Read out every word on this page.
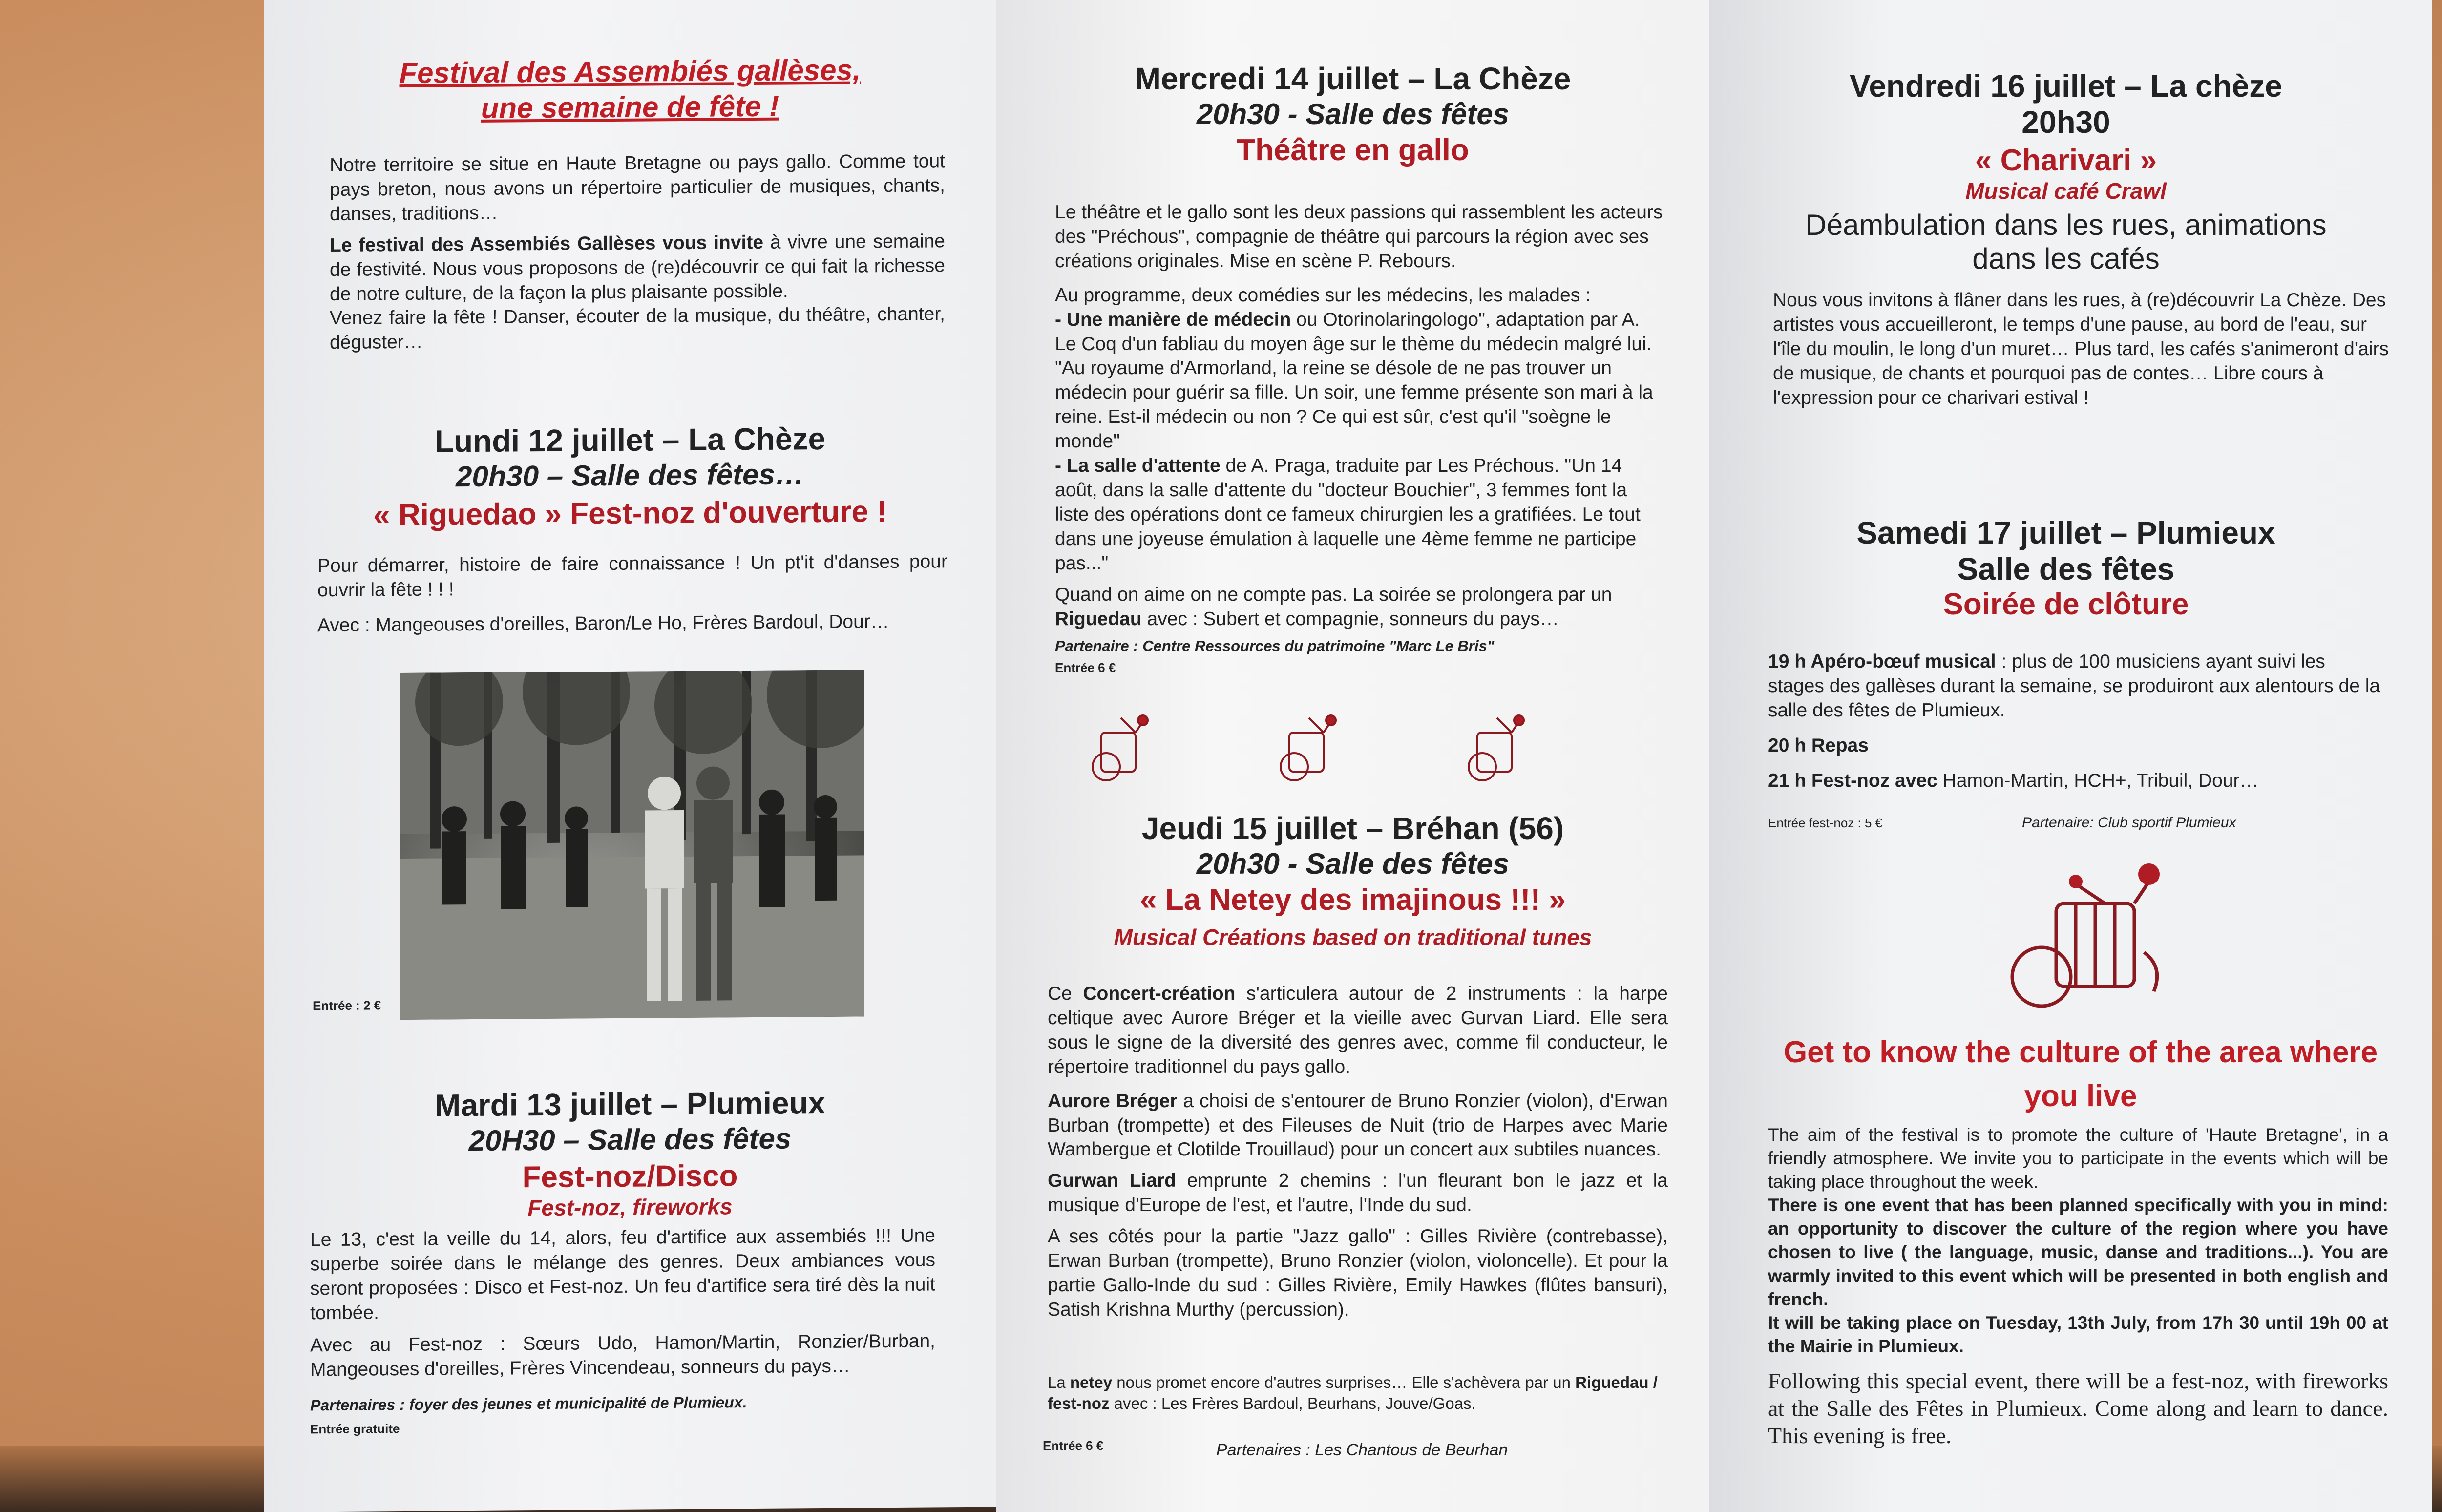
Festival des Assembiés gallèses,
une semaine de fête !

Notre territoire se situe en Haute Bretagne ou pays gallo. Comme tout pays breton, nous avons un répertoire particulier de musiques, chants, danses, traditions…

Le festival des Assembiés Gallèses vous invite à vivre une semaine de festivité. Nous vous proposons de (re)découvrir ce qui fait la richesse de notre culture, de la façon la plus plaisante possible.

Venez faire la fête ! Danser, écouter de la musique, du théâtre, chanter, déguster…

Lundi 12 juillet – La Chèze
20h30 – Salle des fêtes…
« Riguedao » Fest-noz d'ouverture !

Pour démarrer, histoire de faire connaissance ! Un pt'it d'danses pour ouvrir la fête ! ! !

Avec : Mangeouses d'oreilles, Baron/Le Ho, Frères Bardoul, Dour…

Entrée : 2 €
Mardi 13 juillet – Plumieux
20H30 – Salle des fêtes
Fest-noz/Disco
Fest-noz, fireworks

Le 13, c'est la veille du 14, alors, feu d'artifice aux assembiés !!! Une superbe soirée dans le mélange des genres. Deux ambiances vous seront proposées : Disco et Fest-noz. Un feu d'artifice sera tiré dès la nuit tombée.

Avec au Fest-noz : Sœurs Udo, Hamon/Martin, Ronzier/Burban, Mangeouses d'oreilles, Frères Vincendeau, sonneurs du pays…

Partenaires : foyer des jeunes et municipalité de Plumieux.
Entrée gratuite
Mercredi 14 juillet – La Chèze
20h30 - Salle des fêtes
Théâtre en gallo

Le théâtre et le gallo sont les deux passions qui rassemblent les acteurs des "Préchous", compagnie de théâtre qui parcours la région avec ses créations originales. Mise en scène P. Rebours.

Au programme, deux comédies sur les médecins, les malades :

- Une manière de médecin ou Otorinolaringologo", adaptation par A. Le Coq d'un fabliau du moyen âge sur le thème du médecin malgré lui. "Au royaume d'Armorland, la reine se désole de ne pas trouver un médecin pour guérir sa fille. Un soir, une femme présente son mari à la reine. Est-il médecin ou non ? Ce qui est sûr, c'est qu'il "soègne le monde"

- La salle d'attente de A. Praga, traduite par Les Préchous. "Un 14 août, dans la salle d'attente du "docteur Bouchier", 3 femmes font la liste des opérations dont ce fameux chirurgien les a gratifiées. Le tout dans une joyeuse émulation à laquelle une 4ème femme ne participe pas..."

Quand on aime on ne compte pas. La soirée se prolongera par un Riguedau avec : Subert et compagnie, sonneurs du pays…

Partenaire : Centre Ressources du patrimoine "Marc Le Bris"
Entrée 6 €
Jeudi 15 juillet – Bréhan (56)
20h30 - Salle des fêtes
« La Netey des imajinous !!! »
Musical Créations based on traditional tunes

Ce Concert-création s'articulera autour de 2 instruments : la harpe celtique avec Aurore Bréger et la vieille avec Gurvan Liard. Elle sera sous le signe de la diversité des genres avec, comme fil conducteur, le répertoire traditionnel du pays gallo.

Aurore Bréger a choisi de s'entourer de Bruno Ronzier (violon), d'Erwan Burban (trompette) et des Fileuses de Nuit (trio de Harpes avec Marie Wambergue et Clotilde Trouillaud) pour un concert aux subtiles nuances.

Gurwan Liard emprunte 2 chemins : l'un fleurant bon le jazz et la musique d'Europe de l'est, et l'autre, l'Inde du sud.

A ses côtés pour la partie "Jazz gallo" : Gilles Rivière (contrebasse), Erwan Burban (trompette), Bruno Ronzier (violon, violoncelle). Et pour la partie Gallo-Inde du sud : Gilles Rivière, Emily Hawkes (flûtes bansuri), Satish Krishna Murthy (percussion).

La netey nous promet encore d'autres surprises… Elle s'achèvera par un Riguedau / fest-noz avec : Les Frères Bardoul, Beurhans, Jouve/Goas.
Entrée 6 €	Partenaires : Les Chantous de Beurhan
Vendredi 16 juillet – La chèze
20h30
« Charivari »
Musical café Crawl
Déambulation dans les rues, animations dans les cafés
Nous vous invitons à flâner dans les rues, à (re)découvrir La Chèze. Des artistes vous accueilleront, le temps d'une pause, au bord de l'eau, sur l'île du moulin, le long d'un muret… Plus tard, les cafés s'animeront d'airs de musique, de chants et pourquoi pas de contes… Libre cours à l'expression pour ce charivari estival !
Samedi 17 juillet – Plumieux
Salle des fêtes
Soirée de clôture

19 h Apéro-bœuf musical : plus de 100 musiciens ayant suivi les stages des gallèses durant la semaine, se produiront aux alentours de la salle des fêtes de Plumieux.

20 h Repas

21 h Fest-noz avec Hamon-Martin, HCH+, Tribuil, Dour…

Entrée fest-noz : 5 €	Partenaire: Club sportif Plumieux
Get to know the culture of the area where you live

The aim of the festival is to promote the culture of 'Haute Bretagne', in a friendly atmosphere. We invite you to participate in the events which will be taking place throughout the week.

There is one event that has been planned specifically with you in mind: an opportunity to discover the culture of the region where you have chosen to live ( the language, music, danse and traditions...). You are warmly invited to this event which will be presented in both english and french.

It will be taking place on Tuesday, 13th July, from 17h 30 until 19h 00 at the Mairie in Plumieux.

Following this special event, there will be a fest-noz, with fireworks at the Salle des Fêtes in Plumieux. Come along and learn to dance. This evening is free.
